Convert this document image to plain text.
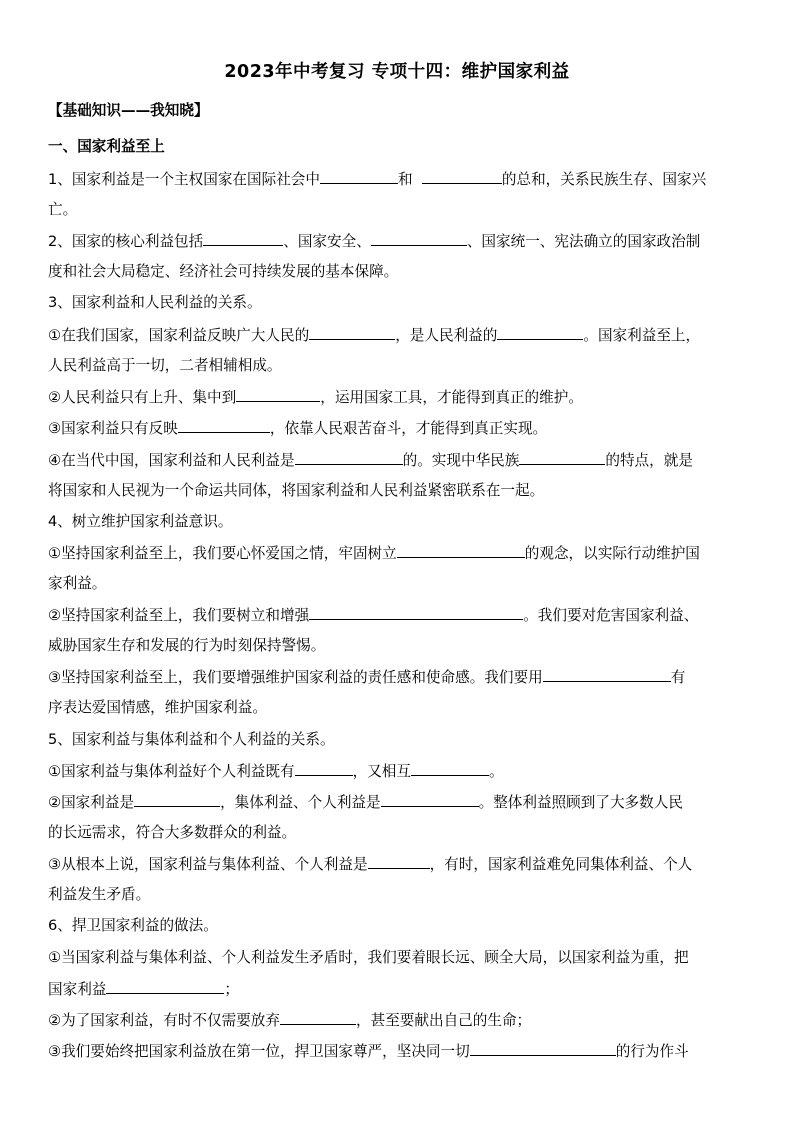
2023年中考复习 专项十四：维护国家利益
【基础知识——我知晓】
一、国家利益至上
1、国家利益是一个主权国家在国际社会中	和	的总和，关系民族生存、国家兴
亡。
2、国家的核心利益包括	、国家安全、	、国家统一、宪法确立的国家政治制
度和社会大局稳定、经济社会可持续发展的基本保障。
3、国家利益和人民利益的关系。
①在我们国家，国家利益反映广大人民的	，是人民利益的	。国家利益至上，
人民利益高于一切，二者相辅相成。
②人民利益只有上升、集中到	，运用国家工具，才能得到真正的维护。
③国家利益只有反映	，依靠人民艰苦奋斗，才能得到真正实现。
④在当代中国，国家利益和人民利益是	的。实现中华民族	的特点，就是
将国家和人民视为一个命运共同体，将国家利益和人民利益紧密联系在一起。
4、树立维护国家利益意识。
①坚持国家利益至上，我们要心怀爱国之情，牢固树立	的观念，以实际行动维护国
家利益。
②坚持国家利益至上，我们要树立和增强	。我们要对危害国家利益、
威胁国家生存和发展的行为时刻保持警惕。
③坚持国家利益至上，我们要增强维护国家利益的责任感和使命感。我们要用	有
序表达爱国情感，维护国家利益。
5、国家利益与集体利益和个人利益的关系。
①国家利益与集体利益好个人利益既有	，又相互	。
②国家利益是	，集体利益、个人利益是	。整体利益照顾到了大多数人民
的长远需求，符合大多数群众的利益。
③从根本上说，国家利益与集体利益、个人利益是	，有时，国家利益难免同集体利益、个人
利益发生矛盾。
6、捍卫国家利益的做法。
①当国家利益与集体利益、个人利益发生矛盾时，我们要着眼长远、顾全大局，以国家利益为重，把
国家利益	；
②为了国家利益，有时不仅需要放弃	，甚至要献出自己的生命；
③我们要始终把国家利益放在第一位，捍卫国家尊严，坚决同一切	的行为作斗
